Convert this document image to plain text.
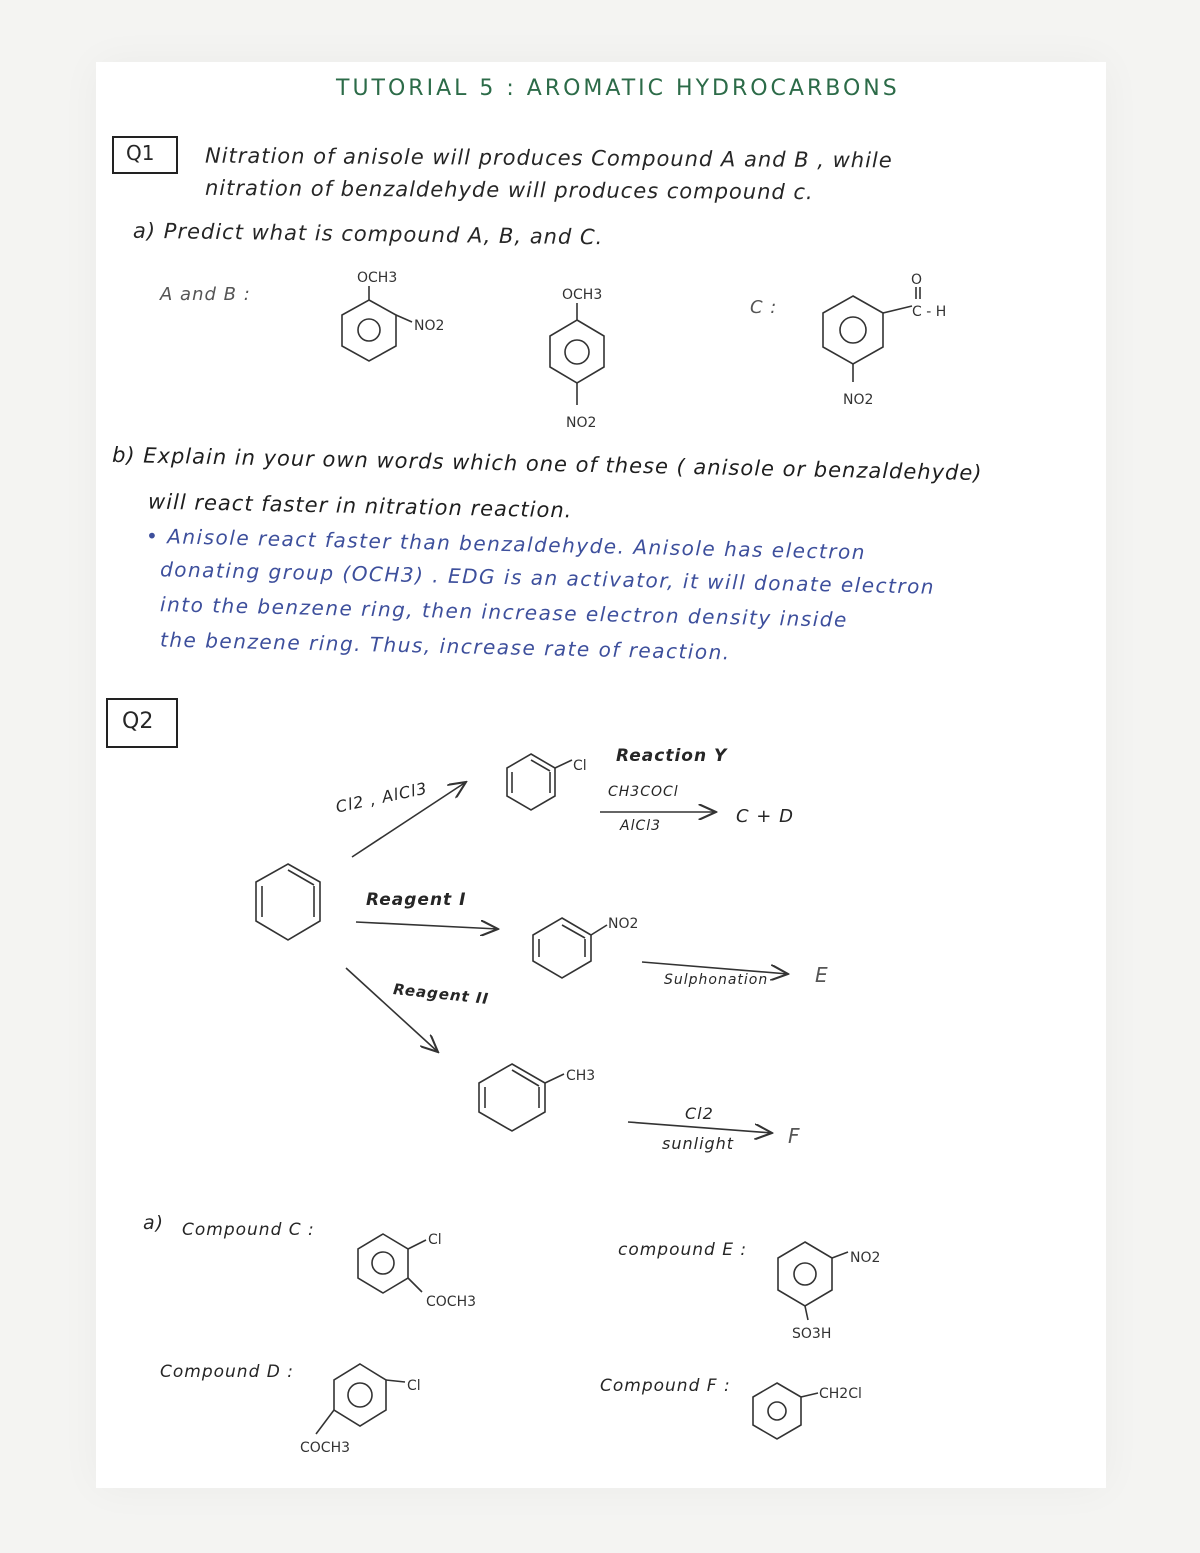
TUTORIAL 5 : AROMATIC HYDROCARBONS
Q1 Nitration of anisole will produces Compound A and B , while
nitration of benzaldehyde will produces compound c.
a) Predict what is compound A, B, and C.
A and B :
C :
b) Explain in your own words which one of these ( anisole or benzaldehyde)
will react faster in nitration reaction.
• Anisole react faster than benzaldehyde. Anisole has electron
donating group (OCH3) . EDG is an activator, it will donate electron
into the benzene ring, then increase electron density inside
the benzene ring. Thus, increase rate of reaction.
Q2
Cl2 , AlCl3
Reaction Y
CH3COCl
AlCl3	C + D
Reagent I
Sulphonation E
Reagent II
Cl2
sunlight	F
a) Compound C :
compound E :
Compound D :
Compound F :
OCH3
NO2
OCH3
NO2
O
C - H
NO2
Cl
NO2
CH3
Cl
COCH3
NO2
SO3H
Cl
COCH3
CH2Cl
